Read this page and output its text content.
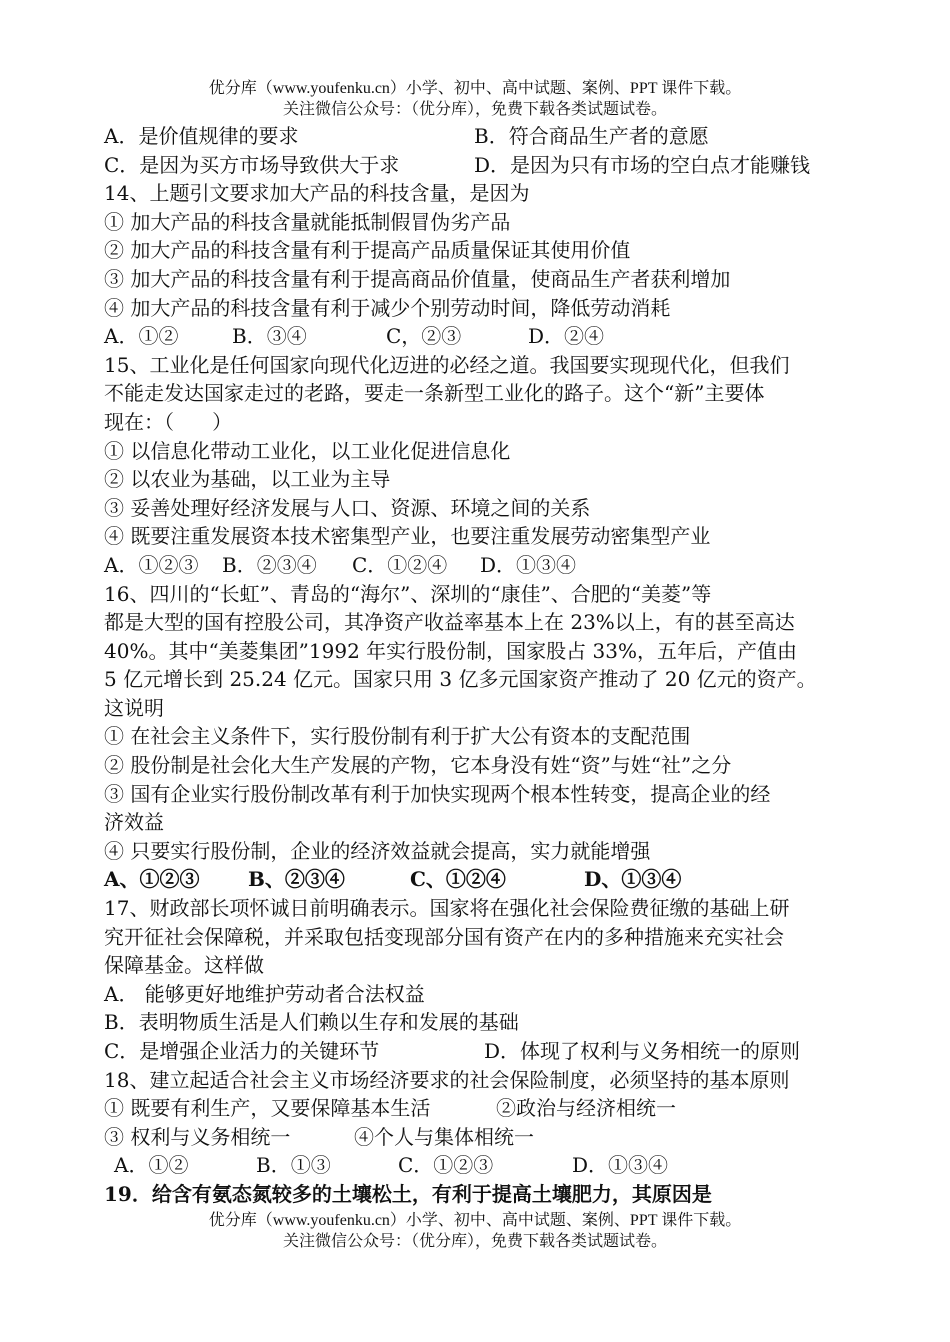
优分库（www.youfenku.cn）小学、初中、高中试题、案例、PPT 课件下载。
关注微信公众号：（优分库），免费下载各类试题试卷。
A．是价值规律的要求	B．符合商品生产者的意愿
C．是因为买方市场导致供大于求	D．是因为只有市场的空白点才能赚钱
14、上题引文要求加大产品的科技含量，是因为
① 加大产品的科技含量就能抵制假冒伪劣产品
② 加大产品的科技含量有利于提高产品质量保证其使用价值
③ 加大产品的科技含量有利于提高商品价值量，使商品生产者获利增加
④ 加大产品的科技含量有利于减少个别劳动时间，降低劳动消耗
A．①②	B．③④	C，②③	D．②④
15、工业化是任何国家向现代化迈进的必经之道。我国要实现现代化，但我们
不能走发达国家走过的老路，要走一条新型工业化的路子。这个“新”主要体
现在：（      ）
① 以信息化带动工业化，以工业化促进信息化
② 以农业为基础，以工业为主导
③ 妥善处理好经济发展与人口、资源、环境之间的关系
④ 既要注重发展资本技术密集型产业，也要注重发展劳动密集型产业
A．①②③ B．②③④ C．①②④ D．①③④
16、四川的“长虹”、青岛的“海尔”、深圳的“康佳”、合肥的“美菱”等
都是大型的国有控股公司，其净资产收益率基本上在 23%以上，有的甚至高达
40%。其中“美菱集团”1992 年实行股份制，国家股占 33%，五年后，产值由
5 亿元增长到 25.24 亿元。国家只用 3 亿多元国家资产推动了 20 亿元的资产。
这说明
① 在社会主义条件下，实行股份制有利于扩大公有资本的支配范围
② 股份制是社会化大生产发展的产物，它本身没有姓“资”与姓“社”之分
③ 国有企业实行股份制改革有利于加快实现两个根本性转变，提高企业的经
济效益
④ 只要实行股份制，企业的经济效益就会提高，实力就能增强
A、①②③ B、②③④	C、①②④	D、①③④
17、财政部长项怀诚日前明确表示。国家将在强化社会保险费征缴的基础上研
究开征社会保障税，并采取包括变现部分国有资产在内的多种措施来充实社会
保障基金。这样做
A． 能够更好地维护劳动者合法权益
B．表明物质生活是人们赖以生存和发展的基础
C．是增强企业活力的关键环节	D．体现了权利与义务相统一的原则
18、建立起适合社会主义市场经济要求的社会保险制度，必须坚持的基本原则
① 既要有利生产，又要保障基本生活	②政治与经济相统一
③ 权利与义务相统一	④个人与集体相统一
A．①②	B．①③	C．①②③	D．①③④
19．给含有氨态氮较多的土壤松土，有利于提高土壤肥力，其原因是
优分库（www.youfenku.cn）小学、初中、高中试题、案例、PPT 课件下载。
关注微信公众号：（优分库），免费下载各类试题试卷。
